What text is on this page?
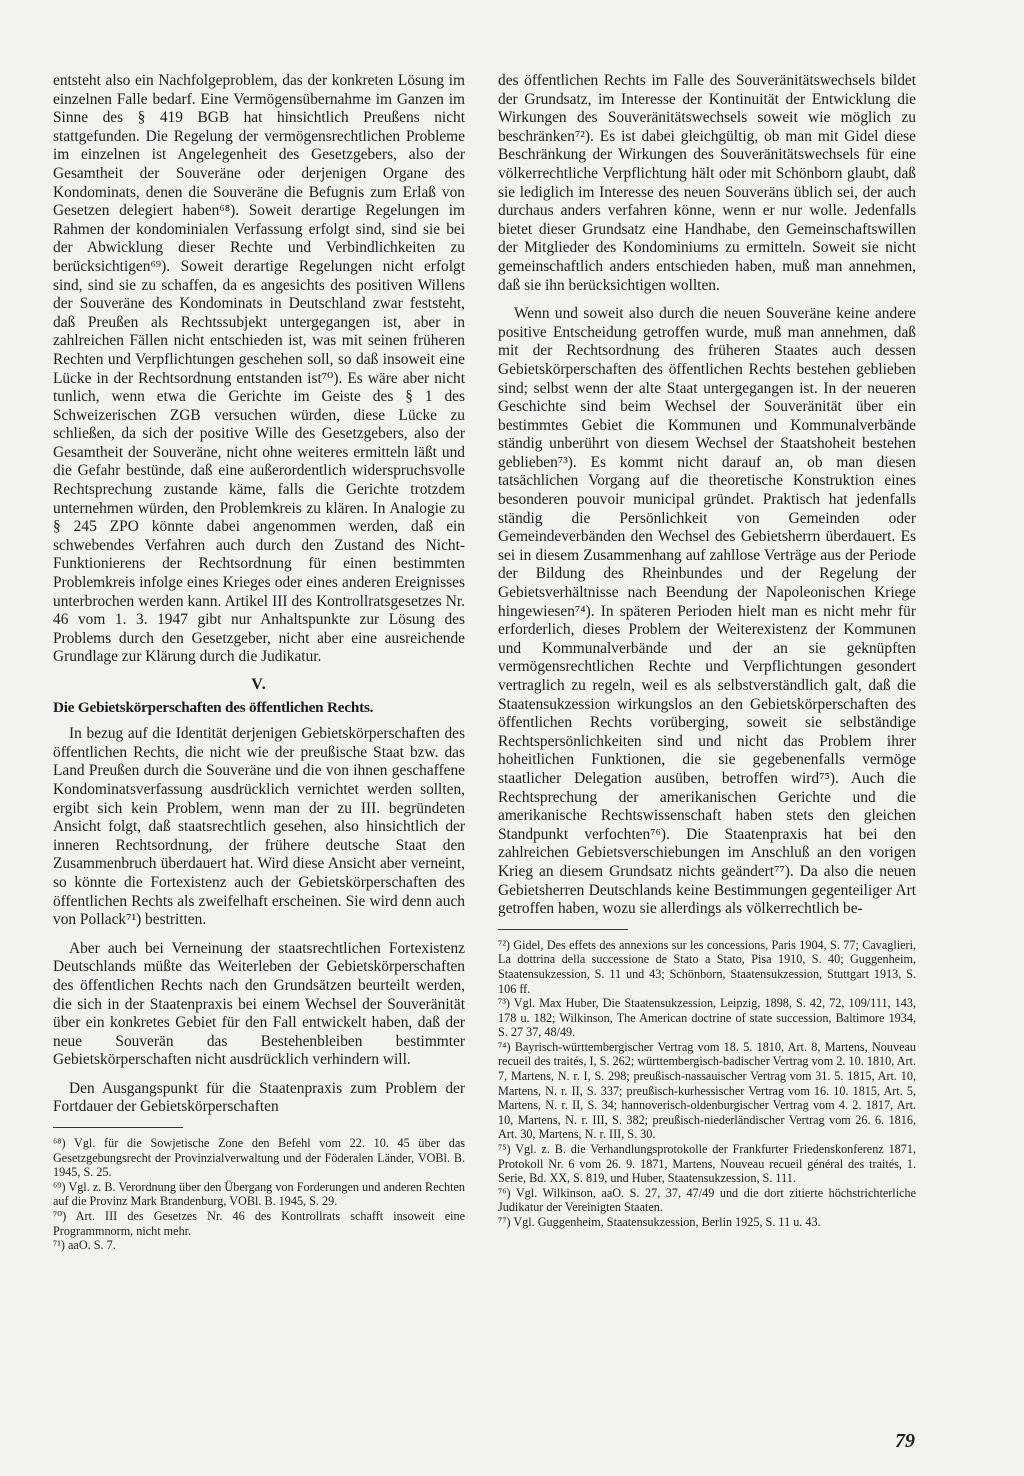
entsteht also ein Nachfolgeproblem, das der konkreten Lösung im einzelnen Falle bedarf. Eine Vermögensübernahme im Ganzen im Sinne des § 419 BGB hat hinsichtlich Preußens nicht stattgefunden. Die Regelung der vermögensrechtlichen Probleme im einzelnen ist Angelegenheit des Gesetzgebers, also der Gesamtheit der Souveräne oder derjenigen Organe des Kondominats, denen die Souveräne die Befugnis zum Erlaß von Gesetzen delegiert haben⁶⁸). Soweit derartige Regelungen im Rahmen der kondominialen Verfassung erfolgt sind, sind sie bei der Abwicklung dieser Rechte und Verbindlichkeiten zu berücksichtigen⁶⁹). Soweit derartige Regelungen nicht erfolgt sind, sind sie zu schaffen, da es angesichts des positiven Willens der Souveräne des Kondominats in Deutschland zwar feststeht, daß Preußen als Rechtssubjekt untergegangen ist, aber in zahlreichen Fällen nicht entschieden ist, was mit seinen früheren Rechten und Verpflichtungen geschehen soll, so daß insoweit eine Lücke in der Rechtsordnung entstanden ist⁷⁰). Es wäre aber nicht tunlich, wenn etwa die Gerichte im Geiste des § 1 des Schweizerischen ZGB versuchen würden, diese Lücke zu schließen, da sich der positive Wille des Gesetzgebers, also der Gesamtheit der Souveräne, nicht ohne weiteres ermitteln läßt und die Gefahr bestünde, daß eine außerordentlich widerspruchsvolle Rechtsprechung zustande käme, falls die Gerichte trotzdem unternehmen würden, den Problemkreis zu klären. In Analogie zu § 245 ZPO könnte dabei angenommen werden, daß ein schwebendes Verfahren auch durch den Zustand des Nicht-Funktionierens der Rechtsordnung für einen bestimmten Problemkreis infolge eines Krieges oder eines anderen Ereignisses unterbrochen werden kann. Artikel III des Kontrollratsgesetzes Nr. 46 vom 1. 3. 1947 gibt nur Anhaltspunkte zur Lösung des Problems durch den Gesetzgeber, nicht aber eine ausreichende Grundlage zur Klärung durch die Judikatur.

V.
Die Gebietskörperschaften des öffentlichen Rechts.

In bezug auf die Identität derjenigen Gebietskörperschaften des öffentlichen Rechts, die nicht wie der preußische Staat bzw. das Land Preußen durch die Souveräne und die von ihnen geschaffene Kondominatsverfassung ausdrücklich vernichtet werden sollten, ergibt sich kein Problem, wenn man der zu III. begründeten Ansicht folgt, daß staatsrechtlich gesehen, also hinsichtlich der inneren Rechtsordnung, der frühere deutsche Staat den Zusammenbruch überdauert hat. Wird diese Ansicht aber verneint, so könnte die Fortexistenz auch der Gebietskörperschaften des öffentlichen Rechts als zweifelhaft erscheinen. Sie wird denn auch von Pollack⁷¹) bestritten.

Aber auch bei Verneinung der staatsrechtlichen Fortexistenz Deutschlands müßte das Weiterleben der Gebietskörperschaften des öffentlichen Rechts nach den Grundsätzen beurteilt werden, die sich in der Staatenpraxis bei einem Wechsel der Souveränität über ein konkretes Gebiet für den Fall entwickelt haben, daß der neue Souverän das Bestehenbleiben bestimmter Gebietskörperschaften nicht ausdrücklich verhindern will.

Den Ausgangspunkt für die Staatenpraxis zum Problem der Fortdauer der Gebietskörperschaften

⁶⁸) Vgl. für die Sowjetische Zone den Befehl vom 22. 10. 45 über das Gesetzgebungsrecht der Provinzialverwaltung und der Föderalen Länder, VOBl. B. 1945, S. 25.

⁶⁹) Vgl. z. B. Verordnung über den Übergang von Forderungen und anderen Rechten auf die Provinz Mark Brandenburg, VOBl. B. 1945, S. 29.

⁷⁰) Art. III des Gesetzes Nr. 46 des Kontrollrats schafft insoweit eine Programmnorm, nicht mehr.

⁷¹) aaO. S. 7.

des öffentlichen Rechts im Falle des Souveränitätswechsels bildet der Grundsatz, im Interesse der Kontinuität der Entwicklung die Wirkungen des Souveränitätswechsels soweit wie möglich zu beschränken⁷²). Es ist dabei gleichgültig, ob man mit Gidel diese Beschränkung der Wirkungen des Souveränitätswechsels für eine völkerrechtliche Verpflichtung hält oder mit Schönborn glaubt, daß sie lediglich im Interesse des neuen Souveräns üblich sei, der auch durchaus anders verfahren könne, wenn er nur wolle. Jedenfalls bietet dieser Grundsatz eine Handhabe, den Gemeinschaftswillen der Mitglieder des Kondominiums zu ermitteln. Soweit sie nicht gemeinschaftlich anders entschieden haben, muß man annehmen, daß sie ihn berücksichtigen wollten.

Wenn und soweit also durch die neuen Souveräne keine andere positive Entscheidung getroffen wurde, muß man annehmen, daß mit der Rechtsordnung des früheren Staates auch dessen Gebietskörperschaften des öffentlichen Rechts bestehen geblieben sind; selbst wenn der alte Staat untergegangen ist. In der neueren Geschichte sind beim Wechsel der Souveränität über ein bestimmtes Gebiet die Kommunen und Kommunalverbände ständig unberührt von diesem Wechsel der Staatshoheit bestehen geblieben⁷³). Es kommt nicht darauf an, ob man diesen tatsächlichen Vorgang auf die theoretische Konstruktion eines besonderen pouvoir municipal gründet. Praktisch hat jedenfalls ständig die Persönlichkeit von Gemeinden oder Gemeindeverbänden den Wechsel des Gebietsherrn überdauert. Es sei in diesem Zusammenhang auf zahllose Verträge aus der Periode der Bildung des Rheinbundes und der Regelung der Gebietsverhältnisse nach Beendung der Napoleonischen Kriege hingewiesen⁷⁴). In späteren Perioden hielt man es nicht mehr für erforderlich, dieses Problem der Weiterexistenz der Kommunen und Kommunalverbände und der an sie geknüpften vermögensrechtlichen Rechte und Verpflichtungen gesondert vertraglich zu regeln, weil es als selbstverständlich galt, daß die Staatensukzession wirkungslos an den Gebietskörperschaften des öffentlichen Rechts vorüberging, soweit sie selbständige Rechtspersönlichkeiten sind und nicht das Problem ihrer hoheitlichen Funktionen, die sie gegebenenfalls vermöge staatlicher Delegation ausüben, betroffen wird⁷⁵). Auch die Rechtsprechung der amerikanischen Gerichte und die amerikanische Rechtswissenschaft haben stets den gleichen Standpunkt verfochten⁷⁶). Die Staatenpraxis hat bei den zahlreichen Gebietsverschiebungen im Anschluß an den vorigen Krieg an diesem Grundsatz nichts geändert⁷⁷). Da also die neuen Gebietsherren Deutschlands keine Bestimmungen gegenteiliger Art getroffen haben, wozu sie allerdings als völkerrechtlich be-

⁷²) Gidel, Des effets des annexions sur les concessions, Paris 1904, S. 77; Cavaglieri, La dottrina della successione de Stato a Stato, Pisa 1910, S. 40; Guggenheim, Staatensukzession, S. 11 und 43; Schönborn, Staatensukzession, Stuttgart 1913, S. 106 ff.

⁷³) Vgl. Max Huber, Die Staatensukzession, Leipzig, 1898, S. 42, 72, 109/111, 143, 178 u. 182; Wilkinson, The American doctrine of state succession, Baltimore 1934, S. 27 37, 48/49.

⁷⁴) Bayrisch-württembergischer Vertrag vom 18. 5. 1810, Art. 8, Martens, Nouveau recueil des traités, I, S. 262; württembergisch-badischer Vertrag vom 2. 10. 1810, Art. 7, Martens, N. r. I, S. 298; preußisch-nassauischer Vertrag vom 31. 5. 1815, Art. 10, Martens, N. r. II, S. 337; preußisch-kurhessischer Vertrag vom 16. 10. 1815, Art. 5, Martens, N. r. II, S. 34; hannoverisch-oldenburgischer Vertrag vom 4. 2. 1817, Art. 10, Martens, N. r. III, S. 382; preußisch-niederländischer Vertrag vom 26. 6. 1816, Art. 30, Martens, N. r. III, S. 30.

⁷⁵) Vgl. z. B. die Verhandlungsprotokolle der Frankfurter Friedenskonferenz 1871, Protokoll Nr. 6 vom 26. 9. 1871, Martens, Nouveau recueil général des traités, 1. Serie, Bd. XX, S. 819, und Huber, Staatensukzession, S. 111.

⁷⁶) Vgl. Wilkinson, aaO. S. 27, 37, 47/49 und die dort zitierte höchstrichterliche Judikatur der Vereinigten Staaten.

⁷⁷) Vgl. Guggenheim, Staatensukzession, Berlin 1925, S. 11 u. 43.

79
